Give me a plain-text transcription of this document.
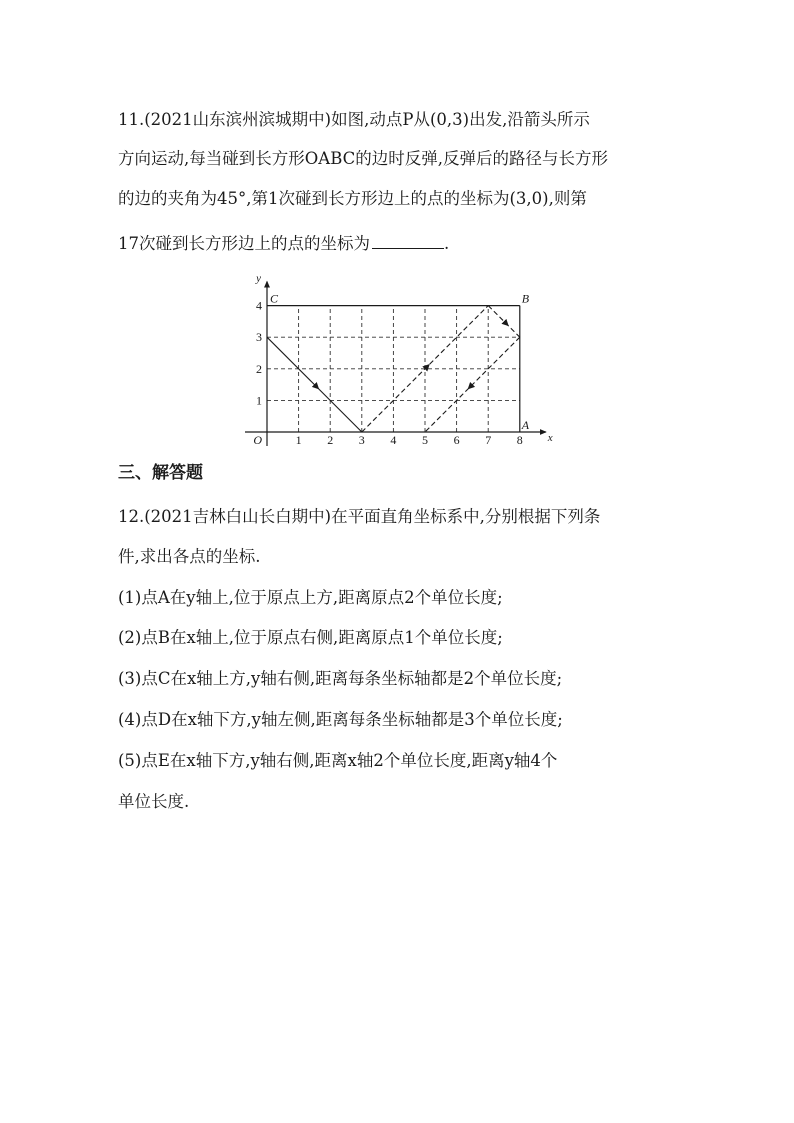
11.(2021山东滨州滨城期中)如图,动点P从(0,3)出发,沿箭头所示
方向运动,每当碰到长方形OABC的边时反弹,反弹后的路径与长方形
的边的夹角为45°,第1次碰到长方形边上的点的坐标为(3,0),则第
17次碰到长方形边上的点的坐标为	.
1 2 3 4 5 6 7 8
1
2
3
4
O	x
y
C	B
A
三、解答题
12.(2021吉林白山长白期中)在平面直角坐标系中,分别根据下列条
件,求出各点的坐标.
(1)点A在y轴上,位于原点上方,距离原点2个单位长度;
(2)点B在x轴上,位于原点右侧,距离原点1个单位长度;
(3)点C在x轴上方,y轴右侧,距离每条坐标轴都是2个单位长度;
(4)点D在x轴下方,y轴左侧,距离每条坐标轴都是3个单位长度;
(5)点E在x轴下方,y轴右侧,距离x轴2个单位长度,距离y轴4个
单位长度.
